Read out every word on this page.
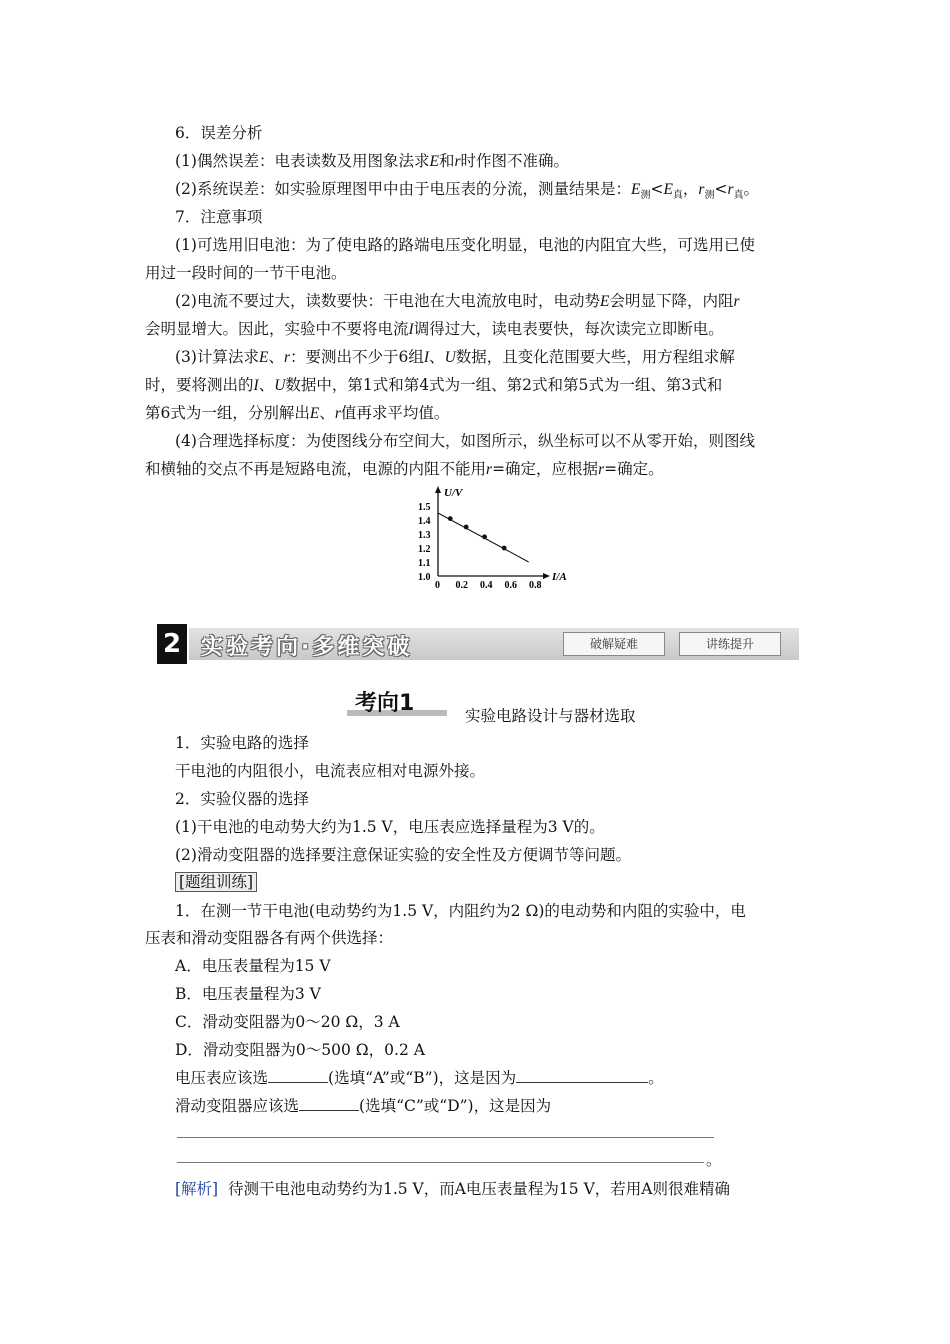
6．误差分析
(1)偶然误差：电表读数及用图象法求E和r时作图不准确。
(2)系统误差：如实验原理图甲中由于电压表的分流，测量结果是：$E_测<E_真$，$r_测<r_真$。
7．注意事项
(1)可选用旧电池：为了使电路的路端电压变化明显，电池的内阻宜大些，可选用已使
用过一段时间的一节干电池。
(2)电流不要过大，读数要快：干电池在大电流放电时，电动势E会明显下降，内阻r
会明显增大。因此，实验中不要将电流I调得过大，读电表要快，每次读完立即断电。
(3)计算法求E、r：要测出不少于6组I、U数据，且变化范围要大些，用方程组求解
时，要将测出的I、U数据中，第1式和第4式为一组、第2式和第5式为一组、第3式和
第6式为一组，分别解出E、r值再求平均值。
(4)合理选择标度：为使图线分布空间大，如图所示，纵坐标可以不从零开始，则图线
和横轴的交点不再是短路电流，电源的内阻不能用r=确定，应根据r=确定。
U/V
I/A
0 0.2 0.4 0.6 0.8
1.0
1.1
1.2
1.3
1.4
1.5
2 实验考向·多维突破	破解疑难	讲练提升
考向1	实验电路设计与器材选取
1．实验电路的选择
干电池的内阻很小，电流表应相对电源外接。
2．实验仪器的选择
(1)干电池的电动势大约为1.5 V，电压表应选择量程为3 V的。
(2)滑动变阻器的选择要注意保证实验的安全性及方便调节等问题。
[题组训练]
1．在测一节干电池(电动势约为1.5 V，内阻约为2 Ω)的电动势和内阻的实验中，电
压表和滑动变阻器各有两个供选择：
A．电压表量程为15 V
B．电压表量程为3 V
C．滑动变阻器为0～20 Ω，3 A
D．滑动变阻器为0～500 Ω，0.2 A
电压表应该选	(选填“A”或“B”)，这是因为	。
滑动变阻器应该选	(选填“C”或“D”)，这是因为
。
[解析] 待测干电池电动势约为1.5 V，而A电压表量程为15 V，若用A则很难精确
